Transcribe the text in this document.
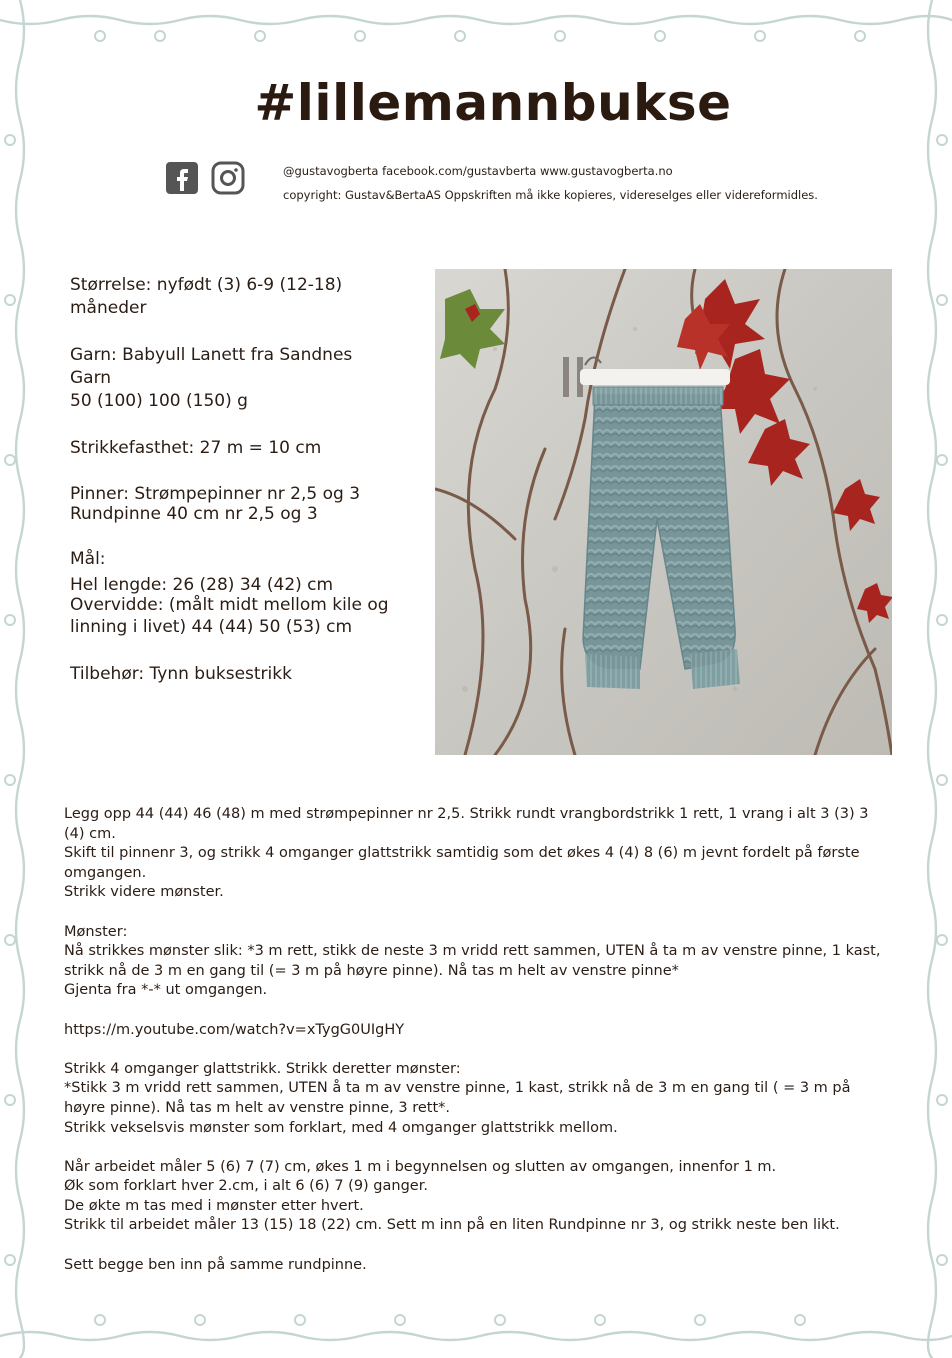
#lillemannbukse
@gustavogberta facebook.com/gustavberta www.gustavogberta.no
copyright: Gustav&BertaAS Oppskriften må ikke kopieres, videreselges eller videreformidles.
Størrelse: nyfødt (3) 6-9 (12-18)
måneder
Garn: Babyull Lanett fra Sandnes
Garn
50 (100) 100 (150) g
Strikkefasthet: 27 m = 10 cm
Pinner: Strømpepinner nr 2,5 og 3
Rundpinne 40 cm nr 2,5 og 3
Mål:
Hel lengde: 26 (28) 34 (42) cm
Overvidde: (målt midt mellom kile og
linning i livet) 44 (44) 50 (53) cm
Tilbehør: Tynn buksestrikk

Legg opp 44 (44) 46 (48) m med strømpepinner nr 2,5. Strikk rundt vrangbordstrikk 1 rett, 1 vrang i alt 3 (3) 3
(4) cm.
Skift til pinnenr 3, og strikk 4 omganger glattstrikk samtidig som det økes 4 (4) 8 (6) m jevnt fordelt på første
omgangen.
Strikk videre mønster.

Mønster:
Nå strikkes mønster slik: *3 m rett, stikk de neste 3 m vridd rett sammen, UTEN å ta m av venstre pinne, 1 kast,
strikk nå de 3 m en gang til (= 3 m på høyre pinne). Nå tas m helt av venstre pinne*
Gjenta fra *-* ut omgangen.

https://m.youtube.com/watch?v=xTygG0UIgHY

Strikk 4 omganger glattstrikk. Strikk deretter mønster:
*Stikk 3 m vridd rett sammen, UTEN å ta m av venstre pinne, 1 kast, strikk nå de 3 m en gang til ( = 3 m på
høyre pinne). Nå tas m helt av venstre pinne, 3 rett*.
Strikk vekselsvis mønster som forklart, med 4 omganger glattstrikk mellom.

Når arbeidet måler 5 (6) 7 (7) cm, økes 1 m i begynnelsen og slutten av omgangen, innenfor 1 m.
Øk som forklart hver 2.cm, i alt 6 (6) 7 (9) ganger.
De økte m tas med i mønster etter hvert.
Strikk til arbeidet måler 13 (15) 18 (22) cm. Sett m inn på en liten Rundpinne nr 3, og strikk neste ben likt.

Sett begge ben inn på samme rundpinne.
